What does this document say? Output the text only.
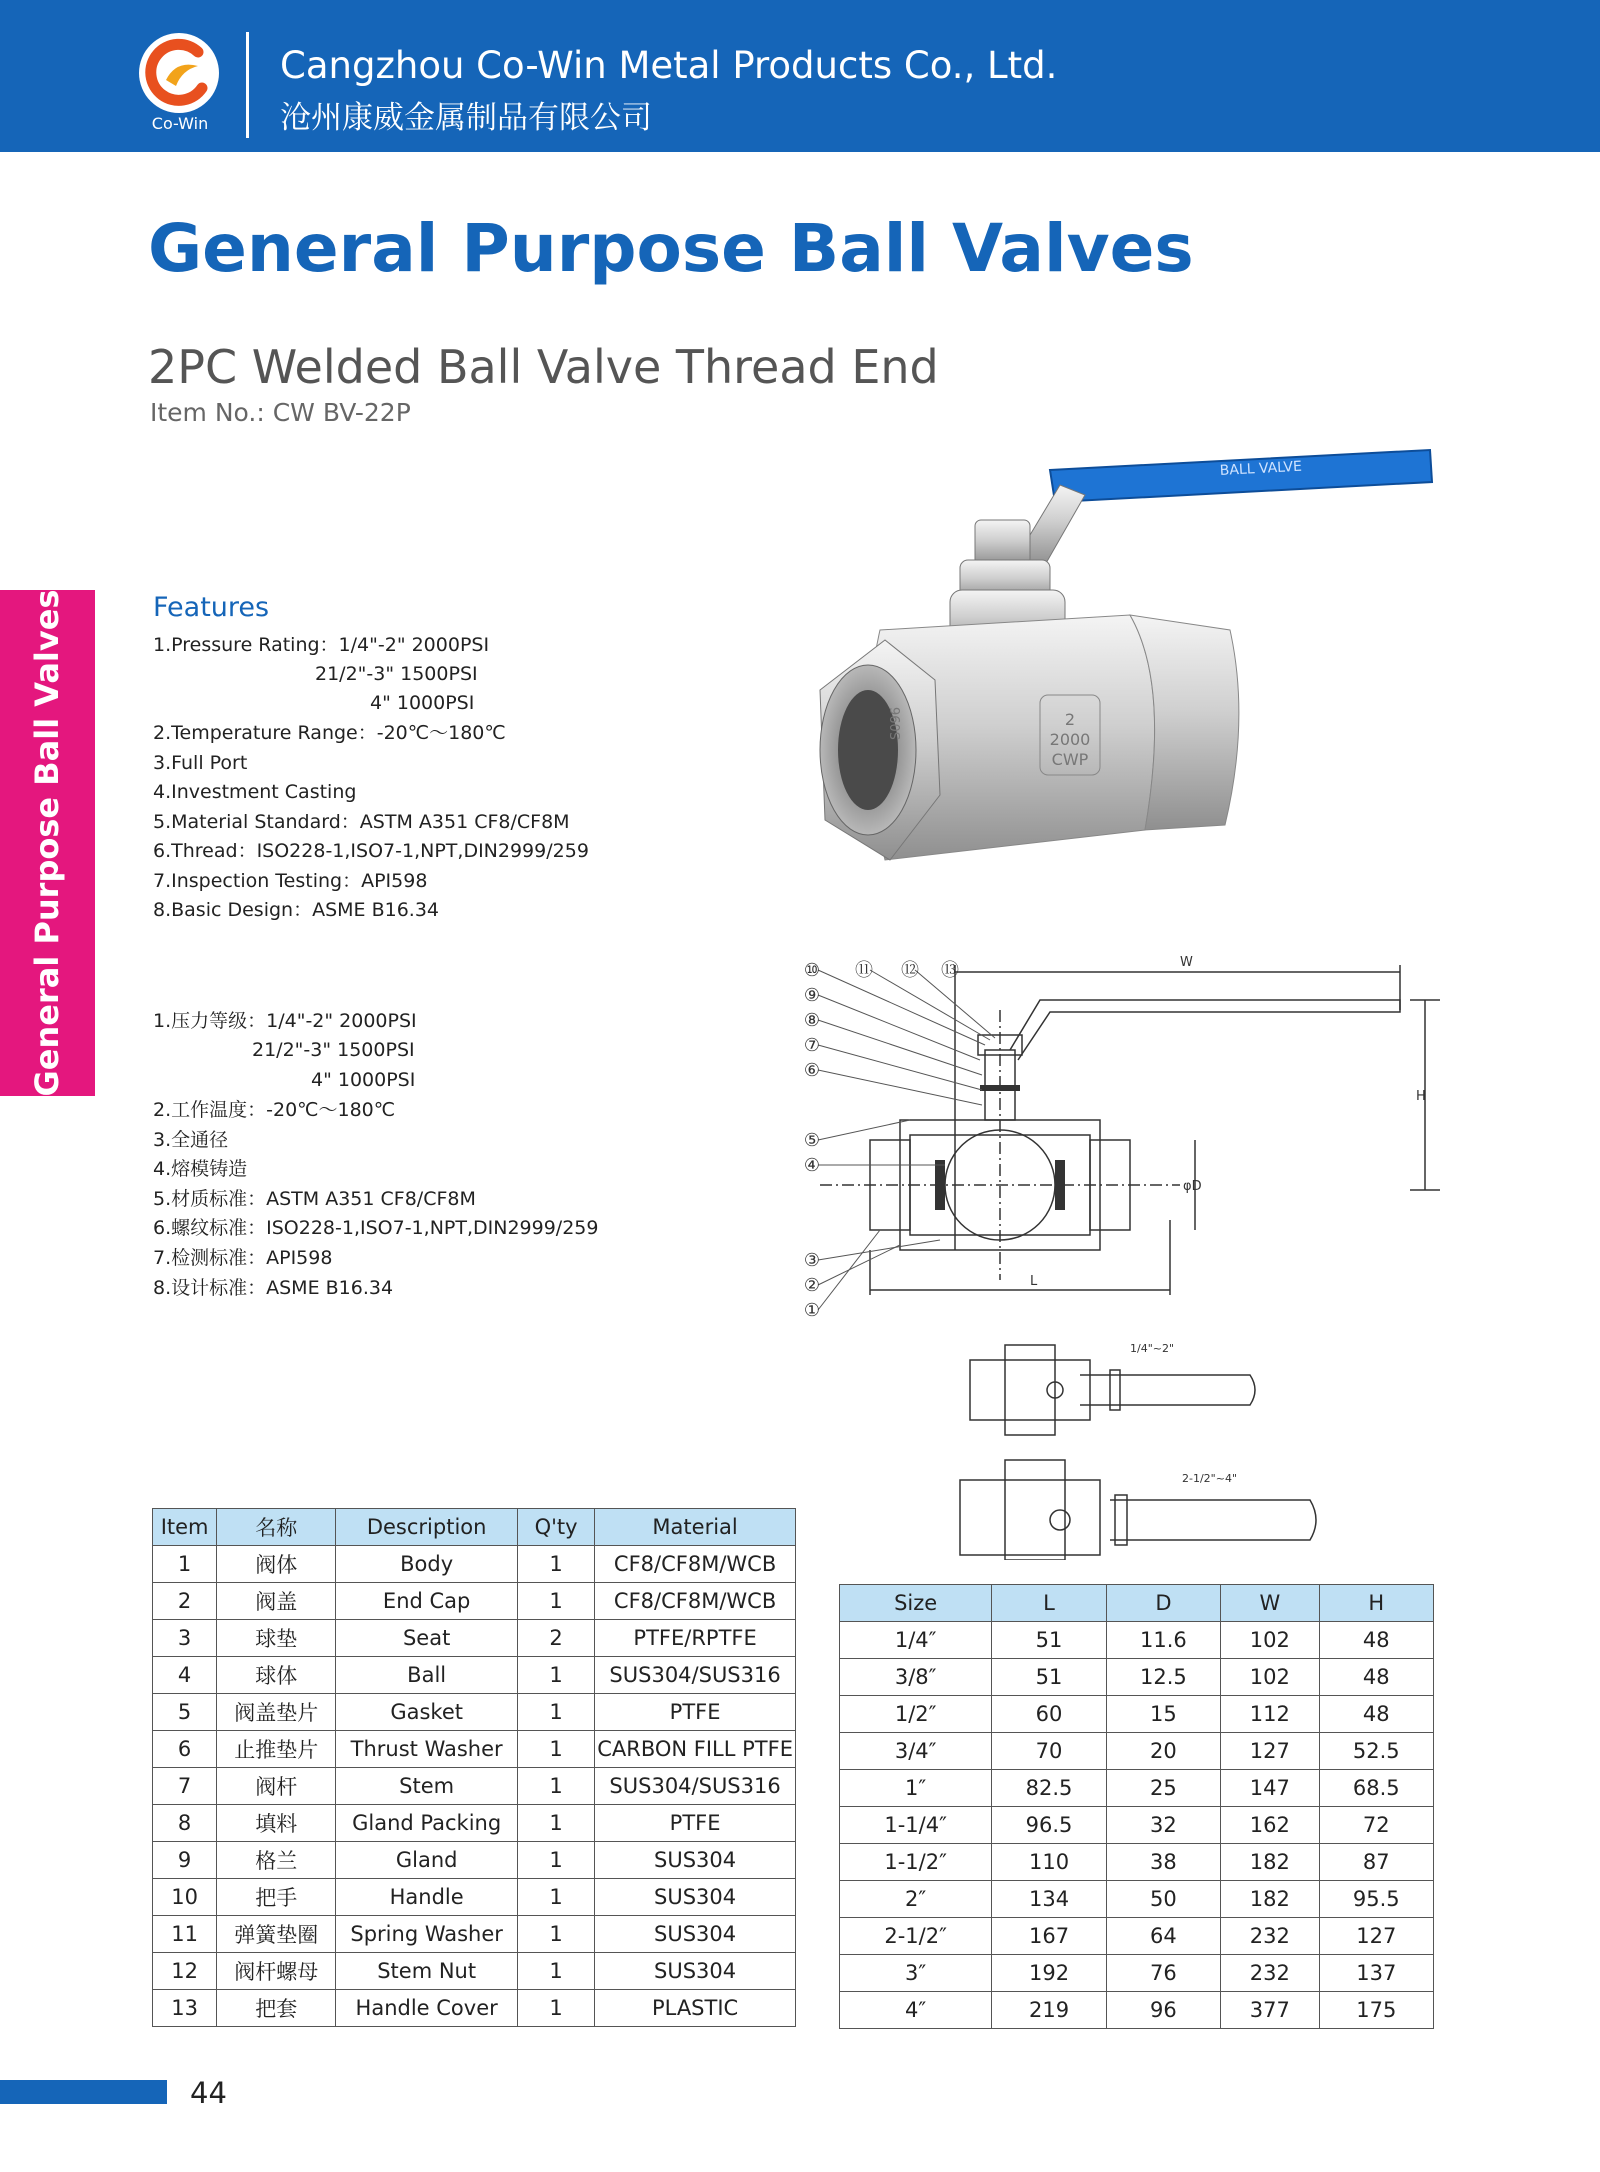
Co-Win
Cangzhou Co-Win Metal Products Co., Ltd.
沧州康威金属制品有限公司
General Purpose Ball Valves
2PC Welded Ball Valve Thread End
Item No.: CW BV-22P
General Purpose Ball Valves	Features
1.Pressure Rating：1/4"-2" 2000PSI
21/2"-3" 1500PSI
4" 1000PSI
2.Temperature Range：-20℃～180℃
3.Full Port
4.Investment Casting
5.Material Standard：ASTM A351 CF8/CF8M
6.Thread：ISO228-1,ISO7-1,NPT,DIN2999/259
7.Inspection Testing：API598
8.Basic Design：ASME B16.34
1.压力等级：1/4"-2" 2000PSI
21/2"-3" 1500PSI
4" 1000PSI
2.工作温度：-20℃～180℃
3.全通径
4.熔模铸造
5.材质标准：ASTM A351 CF8/CF8M
6.螺纹标准：ISO228-1,ISO7-1,NPT,DIN2999/259
7.检测标准：API598
8.设计标准：ASME B16.34
BALL VALVE
2
2000
CWP
S096
⑩ ⑪ ⑫ ⑬
⑨
⑧
⑦
⑥
⑤
④
③
②
①
W
H
φD
L
1/4"~2"
2-1/2"~4"
Item	名称	Description	Q'ty	Material
1	阀体	Body	1	CF8/CF8M/WCB
2	阀盖	End Cap	1	CF8/CF8M/WCB
3	球垫	Seat	2	PTFE/RPTFE
4	球体	Ball	1	SUS304/SUS316
5	阀盖垫片	Gasket	1	PTFE
6	止推垫片	Thrust Washer	1	CARBON FILL PTFE
7	阀杆	Stem	1	SUS304/SUS316
8	填料	Gland Packing	1	PTFE
9	格兰	Gland	1	SUS304
10	把手	Handle	1	SUS304
11	弹簧垫圈	Spring Washer	1	SUS304
12	阀杆螺母	Stem Nut	1	SUS304
13	把套	Handle Cover	1	PLASTIC
Size	L	D	W	H
1/4″	51	11.6	102	48
3/8″	51	12.5	102	48
1/2″	60	15	112	48
3/4″	70	20	127	52.5
1″	82.5	25	147	68.5
1-1/4″	96.5	32	162	72
1-1/2″	110	38	182	87
2″	134	50	182	95.5
2-1/2″	167	64	232	127
3″	192	76	232	137
4″	219	96	377	175
44
